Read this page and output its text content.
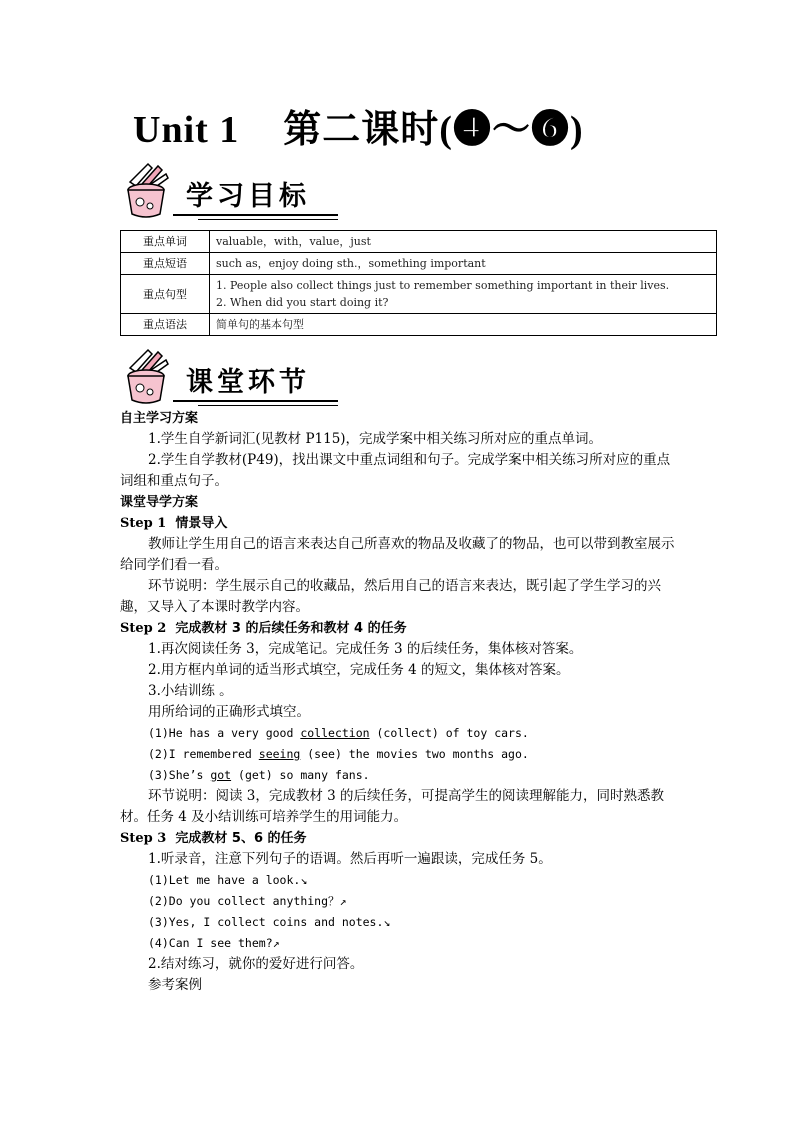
Unit 1 第二课时(❹～❻)
学习目标
重点单词	valuable，with，value，just
重点短语	such as，enjoy doing sth.，something important
重点句型	1. People also collect things just to remember something important in their lives.
2. When did you start doing it?

重点语法	简单句的基本句型
课堂环节

自主学习方案

1.学生自学新词汇(见教材 P115)，完成学案中相关练习所对应的重点单词。

2.学生自学教材(P49)，找出课文中重点词组和句子。完成学案中相关练习所对应的重点词组和重点句子。

课堂导学方案

Step 1 情景导入

教师让学生用自己的语言来表达自己所喜欢的物品及收藏了的物品，也可以带到教室展示给同学们看一看。

环节说明：学生展示自己的收藏品，然后用自己的语言来表达，既引起了学生学习的兴趣，又导入了本课时教学内容。

Step 2 完成教材 3 的后续任务和教材 4 的任务

1.再次阅读任务 3，完成笔记。完成任务 3 的后续任务，集体核对答案。

2.用方框内单词的适当形式填空，完成任务 4 的短文，集体核对答案。

3.小结训练 。

用所给词的正确形式填空。

(1)He has a very good collection (collect) of toy cars.

(2)I remembered seeing (see) the movies two months ago.

(3)She’s got (get) so many fans.

环节说明：阅读 3，完成教材 3 的后续任务，可提高学生的阅读理解能力，同时熟悉教材。任务 4 及小结训练可培养学生的用词能力。

Step 3 完成教材 5、6 的任务

1.听录音，注意下列句子的语调。然后再听一遍跟读，完成任务 5。

(1)Let me have a look.↘

(2)Do you collect anything？↗

(3)Yes, I collect coins and notes.↘

(4)Can I see them?↗

2.结对练习，就你的爱好进行问答。

参考案例
